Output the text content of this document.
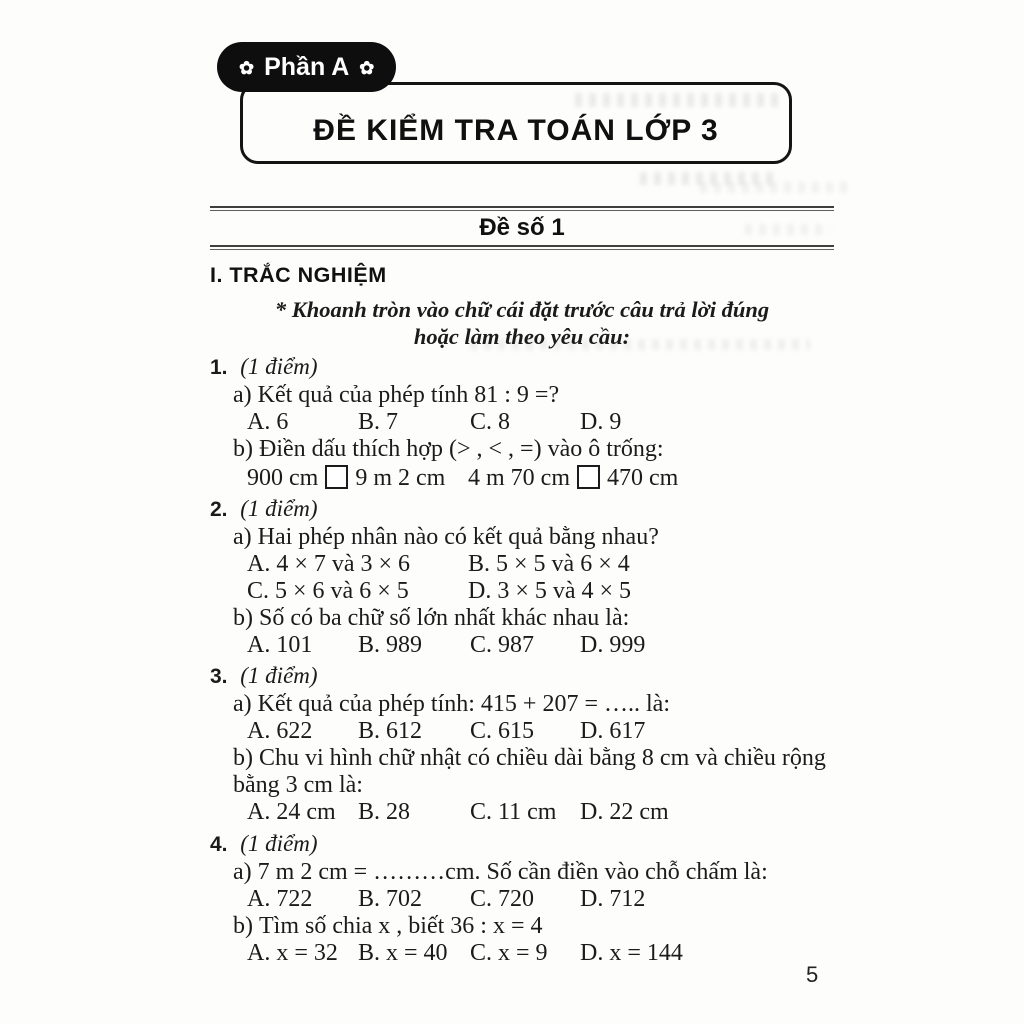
✿ Phần A ✿
ĐỀ KIỂM TRA TOÁN LỚP 3
Đề số 1
I. TRẮC NGHIỆM
* Khoanh tròn vào chữ cái đặt trước câu trả lời đúng
hoặc làm theo yêu cầu:
1. (1 điểm)
a) Kết quả của phép tính 81 : 9 =?
A. 6	B. 7	C. 8	D. 9
b) Điền dấu thích hợp (> , < , =) vào ô trống:
900 cm 9 m 2 cm 4 m 70 cm 470 cm
2. (1 điểm)
a) Hai phép nhân nào có kết quả bằng nhau?
A. 4 × 7 và 3 × 6	B. 5 × 5 và 6 × 4
C. 5 × 6 và 6 × 5	D. 3 × 5 và 4 × 5
b) Số có ba chữ số lớn nhất khác nhau là:
A. 101	B. 989	C. 987	D. 999
3. (1 điểm)
a) Kết quả của phép tính: 415 + 207 = ….. là:
A. 622	B. 612	C. 615	D. 617
b) Chu vi hình chữ nhật có chiều dài bằng 8 cm và chiều rộng bằng 3 cm là:
A. 24 cm B. 28	C. 11 cm D. 22 cm
4. (1 điểm)
a) 7 m 2 cm = ………cm. Số cần điền vào chỗ chấm là:
A. 722	B. 702	C. 720	D. 712
b) Tìm số chia x , biết 36 : x = 4
A. x = 32 B. x = 40 C. x = 9	D. x = 144
5
